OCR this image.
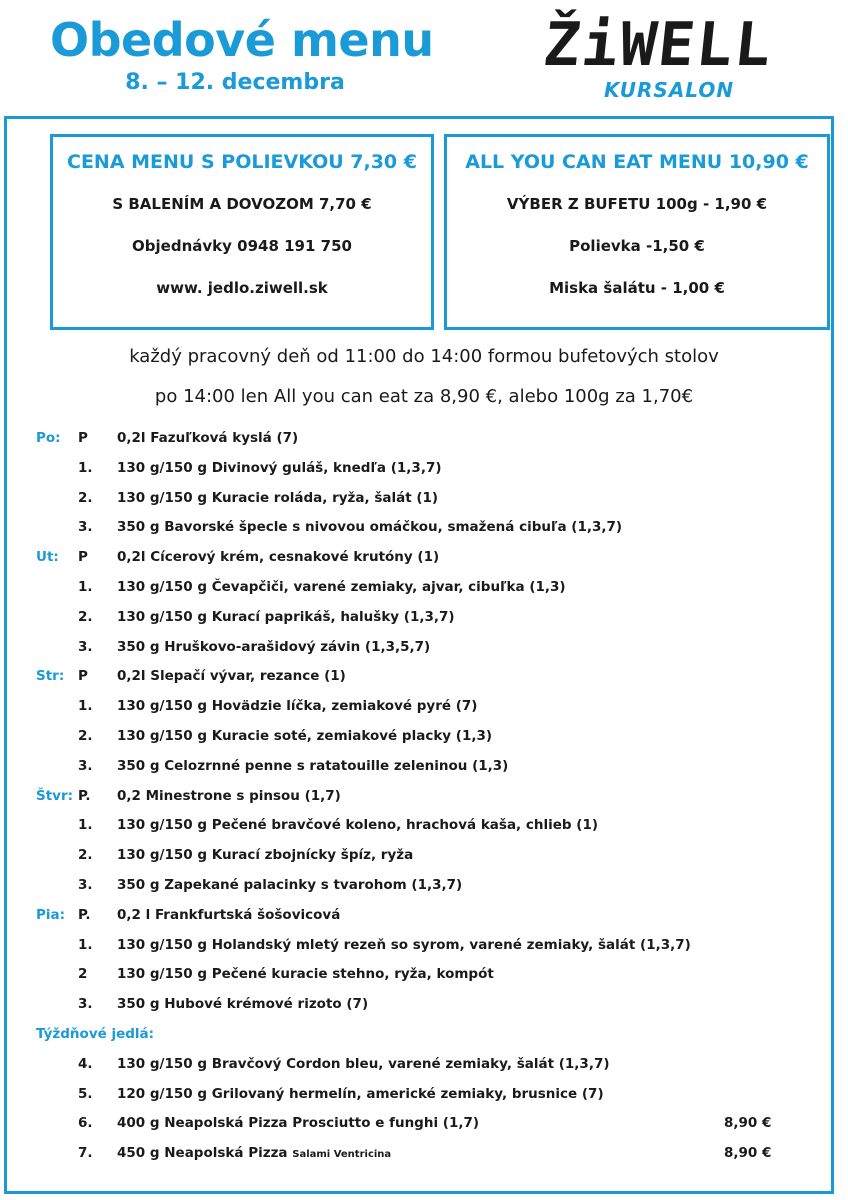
Obedové menu
8. – 12. decembra
ŽiWELL
KURSALON
CENA MENU S POLIEVKOU 7,30 €
S BALENÍM A DOVOZOM 7,70 €
Objednávky 0948 191 750
www. jedlo.ziwell.sk
ALL YOU CAN EAT MENU 10,90 €
VÝBER Z BUFETU 100g - 1,90 €
Polievka -1,50 €
Miska šalátu - 1,00 €
každý pracovný deň od 11:00 do 14:00 formou bufetových stolov
po 14:00 len All you can eat za 8,90 €, alebo 100g za 1,70€
Po: P 0,2l Fazuľková kyslá (7)
1. 130 g/150 g Divinový guláš, knedľa (1,3,7)
2. 130 g/150 g Kuracie roláda, ryža, šalát (1)
3. 350 g Bavorské špecle s nivovou omáčkou, smažená cibuľa (1,3,7)
Ut: P 0,2l Cícerový krém, cesnakové krutóny (1)
1. 130 g/150 g Čevapčiči, varené zemiaky, ajvar, cibuľka (1,3)
2. 130 g/150 g Kurací paprikáš, halušky (1,3,7)
3. 350 g Hruškovo-arašidový závin (1,3,5,7)
Str: P 0,2l Slepačí vývar, rezance (1)
1. 130 g/150 g Hovädzie líčka, zemiakové pyré (7)
2. 130 g/150 g Kuracie soté, zemiakové placky (1,3)
3. 350 g Celozrnné penne s ratatouille zeleninou (1,3)
Štvr: P. 0,2 Minestrone s pinsou (1,7)
1. 130 g/150 g Pečené bravčové koleno, hrachová kaša, chlieb (1)
2. 130 g/150 g Kurací zbojnícky špíz, ryža
3. 350 g Zapekané palacinky s tvarohom (1,3,7)
Pia: P. 0,2 l Frankfurtská šošovicová
1. 130 g/150 g Holandský mletý rezeň so syrom, varené zemiaky, šalát (1,3,7)
2 130 g/150 g Pečené kuracie stehno, ryža, kompót
3. 350 g Hubové krémové rizoto (7)
Týždňové jedlá:
4. 130 g/150 g Bravčový Cordon bleu, varené zemiaky, šalát (1,3,7)
5. 120 g/150 g Grilovaný hermelín, americké zemiaky, brusnice (7)
6. 400 g Neapolská Pizza Prosciutto e funghi (1,7)	8,90 €
7. 450 g Neapolská Pizza Salami Ventricina	8,90 €
